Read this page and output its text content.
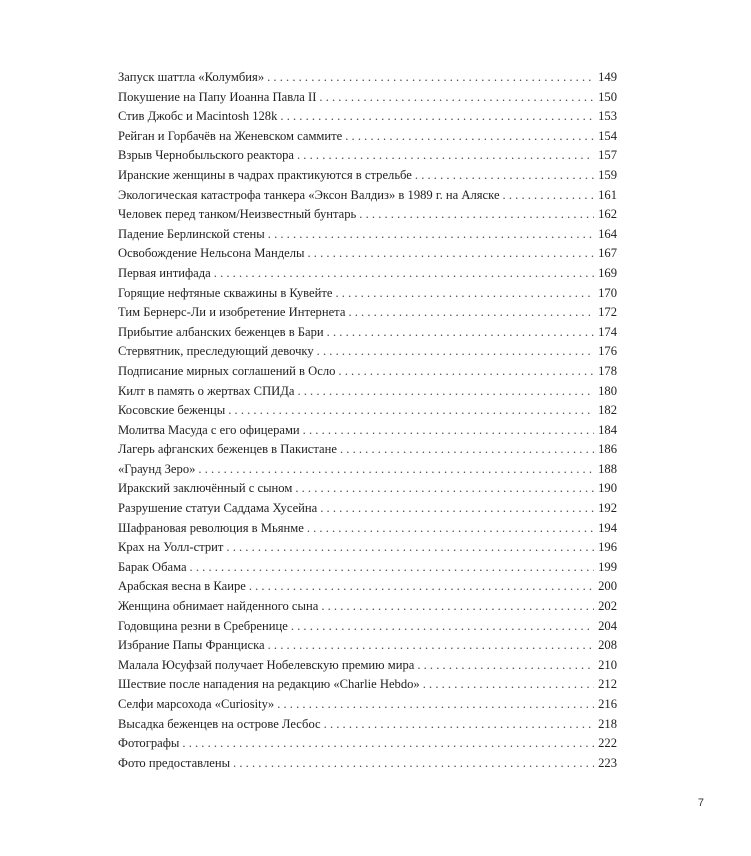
Запуск шаттла «Колумбия» . . .	149
Покушение на Папу Иоанна Павла II . . .	150
Стив Джобс и Macintosh 128k . . .	153
Рейган и Горбачёв на Женевском саммите . . .	154
Взрыв Чернобыльского реактора . . .	157
Иранские женщины в чадрах практикуются в стрельбе . . .	159
Экологическая катастрофа танкера «Эксон Валдиз» в 1989 г. на Аляске . . .	161
Человек перед танком/Неизвестный бунтарь . . .	162
Падение Берлинской стены . . .	164
Освобождение Нельсона Манделы . . .	167
Первая интифада . . .	169
Горящие нефтяные скважины в Кувейте . . .	170
Тим Бернерс-Ли и изобретение Интернета . . .	172
Прибытие албанских беженцев в Бари . . .	174
Стервятник, преследующий девочку . . .	176
Подписание мирных соглашений в Осло . . .	178
Килт в память о жертвах СПИДа . . .	180
Косовские беженцы . . .	182
Молитва Масуда с его офицерами . . .	184
Лагерь афганских беженцев в Пакистане . . .	186
«Граунд Зеро» . . .	188
Иракский заключённый с сыном . . .	190
Разрушение статуи Саддама Хусейна . . .	192
Шафрановая революция в Мьянме . . .	194
Крах на Уолл-стрит . . .	196
Барак Обама . . .	199
Арабская весна в Каире . . .	200
Женщина обнимает найденного сына . . .	202
Годовщина резни в Сребренице . . .	204
Избрание Папы Франциска . . .	208
Малала Юсуфзай получает Нобелевскую премию мира . . .	210
Шествие после нападения на редакцию «Charlie Hebdo» . . .	212
Селфи марсохода «Curiosity» . . .	216
Высадка беженцев на острове Лесбос . . .	218
Фотографы . . .	222
Фото предоставлены . . .	223
7
